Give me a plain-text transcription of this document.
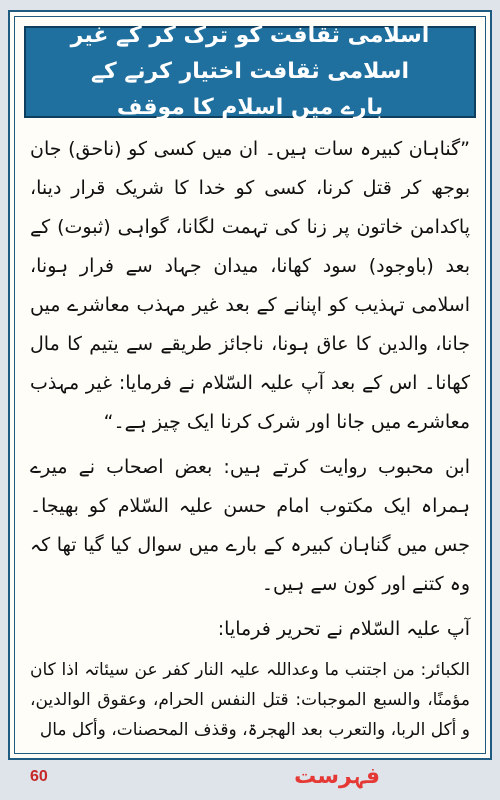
اسلامی ثقافت کو ترک کر کے غیر اسلامی ثقافت اختیار کرنے کے
بارے میں اسلام کا موقف

”گناہان کبیرہ سات ہیں۔ ان میں کسی کو (ناحق) جان بوجھ کر قتل کرنا، کسی کو خدا کا شریک قرار دینا، پاکدامن خاتون پر زنا کی تہمت لگانا، گواہی (ثبوت) کے بعد (باوجود) سود کھانا، میدان جہاد سے فرار ہونا، اسلامی تہذیب کو اپنانے کے بعد غیر مہذب معاشرے میں جانا، والدین کا عاق ہونا، ناجائز طریقے سے یتیم کا مال کھانا۔ اس کے بعد آپ علیہ السّلام نے فرمایا: غیر مہذب معاشرے میں جانا اور شرک کرنا ایک چیز ہے۔“

ابن محبوب روایت کرتے ہیں: بعض اصحاب نے میرے ہمراہ ایک مکتوب امام حسن علیہ السّلام کو بھیجا۔ جس میں گناہان کبیرہ کے بارے میں سوال کیا گیا تھا کہ وہ کتنے اور کون سے ہیں۔

آپ علیہ السّلام نے تحریر فرمایا:

الکبائر: من اجتنب ما وعداللہ علیہ النار کفر عن سیئاتہ اذا کان مؤمنًا، والسبع الموجبات: قتل النفس الحرام، وعقوق الوالدین، و أکل الربا، والتعرب بعد الھجرۃ، وقذف المحصنات، وأکل مال

60	فہرست
